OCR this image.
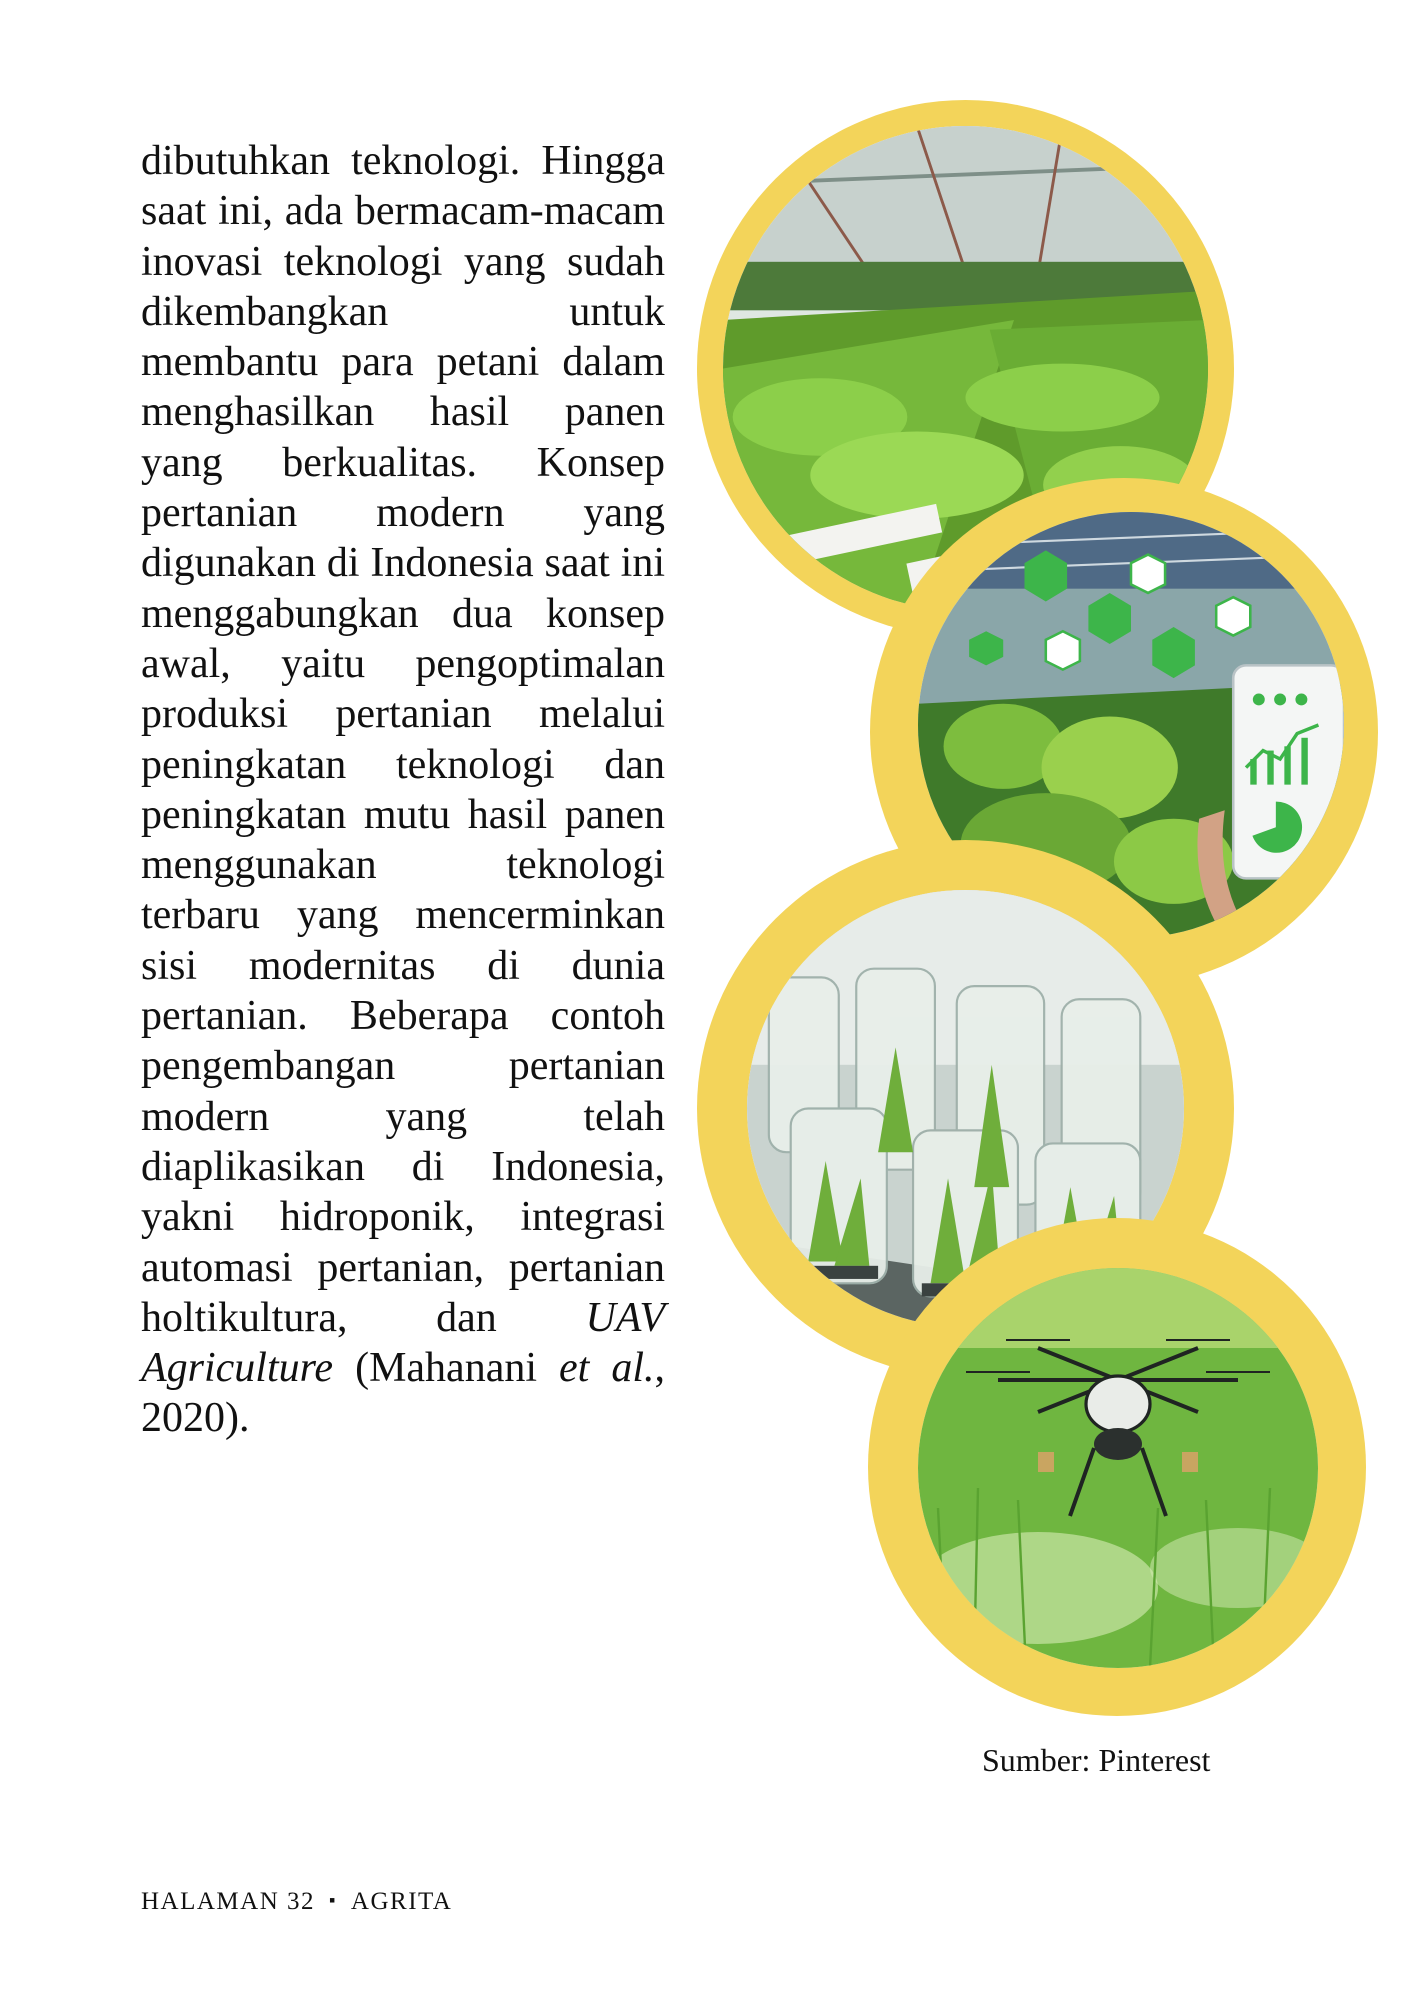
dibutuhkan teknologi. Hingga saat ini, ada bermacam-macam inovasi teknologi yang sudah dikembangkan untuk membantu para petani dalam menghasilkan hasil panen yang berkualitas. Konsep pertanian modern yang digunakan di Indonesia saat ini menggabungkan dua konsep awal, yaitu pengoptimalan produksi pertanian melalui peningkatan teknologi dan peningkatan mutu hasil panen menggunakan teknologi terbaru yang mencerminkan sisi modernitas di dunia pertanian. Beberapa contoh pengembangan pertanian modern yang telah diaplikasikan di Indonesia, yakni hidroponik, integrasi automasi pertanian, pertanian holtikultura, dan UAV Agriculture (Mahanani et al., 2020).

Sumber: Pinterest
HALAMAN 32 ▪ AGRITA
